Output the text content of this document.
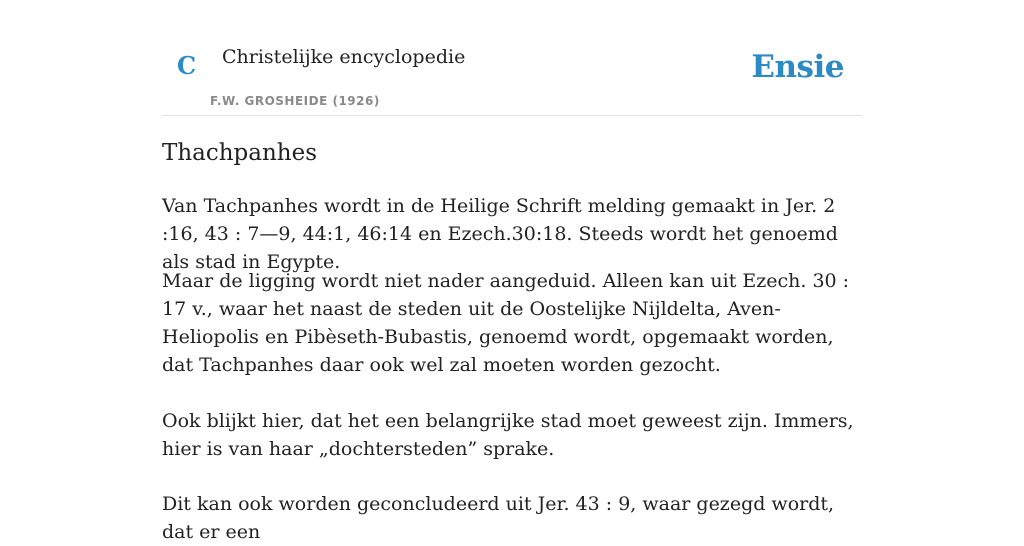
C Christelijke encyclopedie
F.W. GROSHEIDE (1926)
Ensie
Thachpanhes

Van Tachpanhes wordt in de Heilige Schrift melding gemaakt in Jer. 2 :16, 43 : 7—9, 44:1, 46:14 en Ezech.30:18. Steeds wordt het genoemd als stad in Egypte.

Maar de ligging wordt niet nader aangeduid. Alleen kan uit Ezech. 30 : 17 v., waar het naast de steden uit de Oostelijke Nijldelta, Aven-Heliopolis en Pibèseth-Bubastis, genoemd wordt, opgemaakt worden, dat Tachpanhes daar ook wel zal moeten worden gezocht.

Ook blijkt hier, dat het een belangrijke stad moet geweest zijn. Immers, hier is van haar „dochtersteden” sprake.

Dit kan ook worden geconcludeerd uit Jer. 43 : 9, waar gezegd wordt, dat er een
